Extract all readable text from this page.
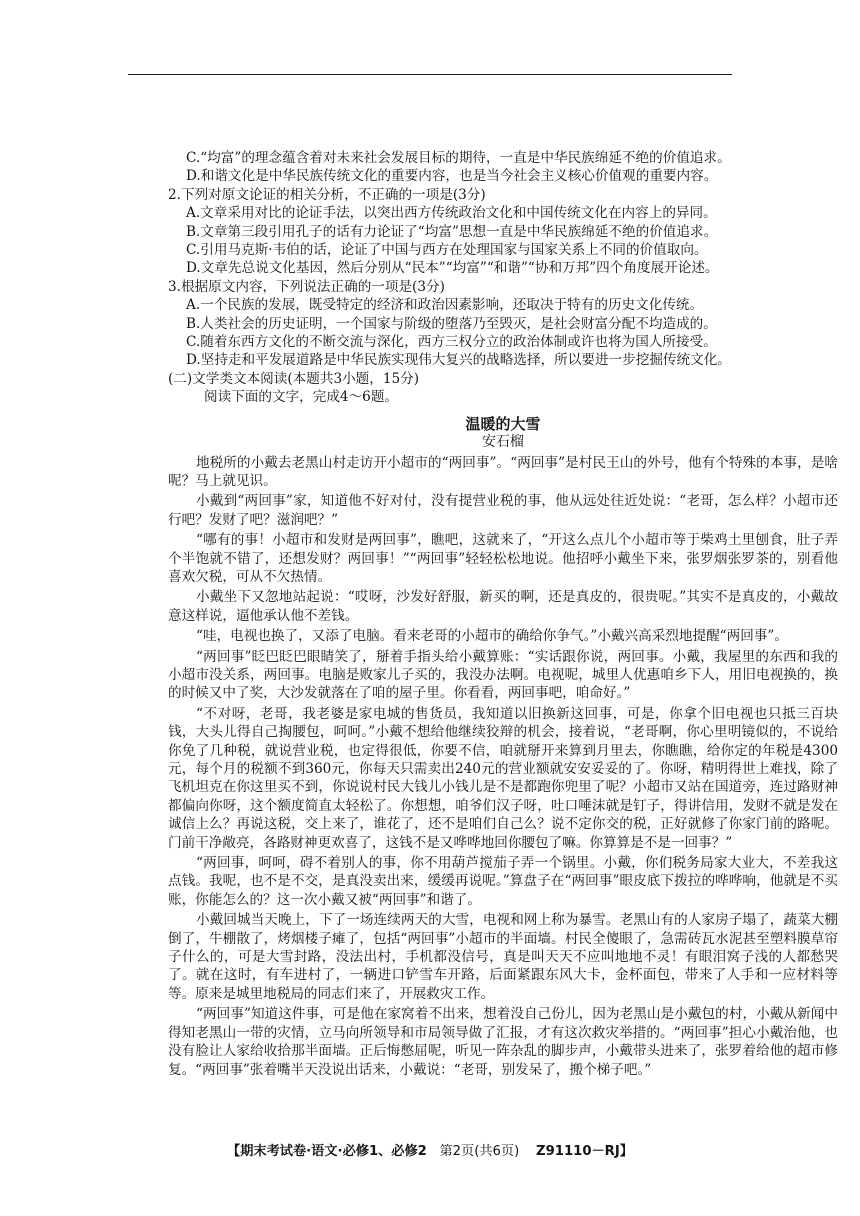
C.“均富”的理念蕴含着对未来社会发展目标的期待，一直是中华民族绵延不绝的价值追求。

D.和谐文化是中华民族传统文化的重要内容，也是当今社会主义核心价值观的重要内容。

2.下列对原文论证的相关分析，不正确的一项是(3分)

A.文章采用对比的论证手法，以突出西方传统政治文化和中国传统文化在内容上的异同。

B.文章第三段引用孔子的话有力论证了“均富”思想一直是中华民族绵延不绝的价值追求。

C.引用马克斯·韦伯的话，论证了中国与西方在处理国家与国家关系上不同的价值取向。

D.文章先总说文化基因，然后分别从“民本”“均富”“和谐”“协和万邦”四个角度展开论述。

3.根据原文内容，下列说法正确的一项是(3分)

A.一个民族的发展，既受特定的经济和政治因素影响，还取决于特有的历史文化传统。

B.人类社会的历史证明，一个国家与阶级的堕落乃至毁灭，是社会财富分配不均造成的。

C.随着东西方文化的不断交流与深化，西方三权分立的政治体制或许也将为国人所接受。

D.坚持走和平发展道路是中华民族实现伟大复兴的战略选择，所以要进一步挖掘传统文化。

(二)文学类文本阅读(本题共3小题，15分)

阅读下面的文字，完成4～6题。

温暖的大雪

安石榴

地税所的小戴去老黑山村走访开小超市的“两回事”。“两回事”是村民王山的外号，他有个特殊的本事，是啥呢？马上就见识。

小戴到“两回事”家，知道他不好对付，没有提营业税的事，他从远处往近处说：“老哥，怎么样？小超市还行吧？发财了吧？滋润吧？”

“哪有的事！小超市和发财是两回事”，瞧吧，这就来了，“开这么点儿个小超市等于柴鸡土里刨食，肚子弄个半饱就不错了，还想发财？两回事！”“两回事”轻轻松松地说。他招呼小戴坐下来，张罗烟张罗茶的，别看他喜欢欠税，可从不欠热情。

小戴坐下又忽地站起说：“哎呀，沙发好舒服，新买的啊，还是真皮的，很贵呢。”其实不是真皮的，小戴故意这样说，逼他承认他不差钱。

“哇，电视也换了，又添了电脑。看来老哥的小超市的确给你争气。”小戴兴高采烈地提醒“两回事”。

“两回事”眨巴眨巴眼睛笑了，掰着手指头给小戴算账：“实话跟你说，两回事。小戴，我屋里的东西和我的小超市没关系，两回事。电脑是败家儿子买的，我没办法啊。电视呢，城里人优惠咱乡下人，用旧电视换的，换的时候又中了奖，大沙发就落在了咱的屋子里。你看看，两回事吧，咱命好。”

“不对呀，老哥，我老婆是家电城的售货员，我知道以旧换新这回事，可是，你拿个旧电视也只抵三百块钱，大头儿得自己掏腰包，呵呵。”小戴不想给他继续狡辩的机会，接着说，“老哥啊，你心里明镜似的，不说给你免了几种税，就说营业税，也定得很低，你要不信，咱就掰开来算到月里去，你瞧瞧，给你定的年税是4300元，每个月的税额不到360元，你每天只需卖出240元的营业额就安安妥妥的了。你呀，精明得世上难找，除了飞机坦克在你这里买不到，你说说村民大钱儿小钱儿是不是都跑你兜里了呢？小超市又站在国道旁，连过路财神都偏向你呀，这个额度简直太轻松了。你想想，咱爷们汉子呀，吐口唾沫就是钉子，得讲信用，发财不就是发在诚信上么？再说这税，交上来了，谁花了，还不是咱们自己么？说不定你交的税，正好就修了你家门前的路呢。门前干净敞亮，各路财神更欢喜了，这钱不是又哗哗地回你腰包了嘛。你算算是不是一回事？”

“两回事，呵呵，碍不着别人的事，你不用葫芦搅茄子弄一个锅里。小戴，你们税务局家大业大，不差我这点钱。我呢，也不是不交，是真没卖出来，缓缓再说呢。”算盘子在“两回事”眼皮底下拨拉的哗哗响，他就是不买账，你能怎么的？这一次小戴又被“两回事”和谐了。

小戴回城当天晚上，下了一场连续两天的大雪，电视和网上称为暴雪。老黑山有的人家房子塌了，蔬菜大棚倒了，牛棚散了，烤烟楼子瘫了，包括“两回事”小超市的半面墙。村民全傻眼了，急需砖瓦水泥甚至塑料膜草帘子什么的，可是大雪封路，没法出村，手机都没信号，真是叫天天不应叫地地不灵！有眼泪窝子浅的人都愁哭了。就在这时，有车进村了，一辆进口铲雪车开路，后面紧跟东风大卡，金杯面包，带来了人手和一应材料等等。原来是城里地税局的同志们来了，开展救灾工作。

“两回事”知道这件事，可是他在家窝着不出来，想着没自己份儿，因为老黑山是小戴包的村，小戴从新闻中得知老黑山一带的灾情，立马向所领导和市局领导做了汇报，才有这次救灾举措的。“两回事”担心小戴治他，也没有脸让人家给收拾那半面墙。正后悔憋屈呢，听见一阵杂乱的脚步声，小戴带头进来了，张罗着给他的超市修复。“两回事”张着嘴半天没说出话来，小戴说：“老哥，别发呆了，搬个梯子吧。”

【期末考试卷·语文·必修1、必修2 第2页(共6页) Z91110－RJ】
